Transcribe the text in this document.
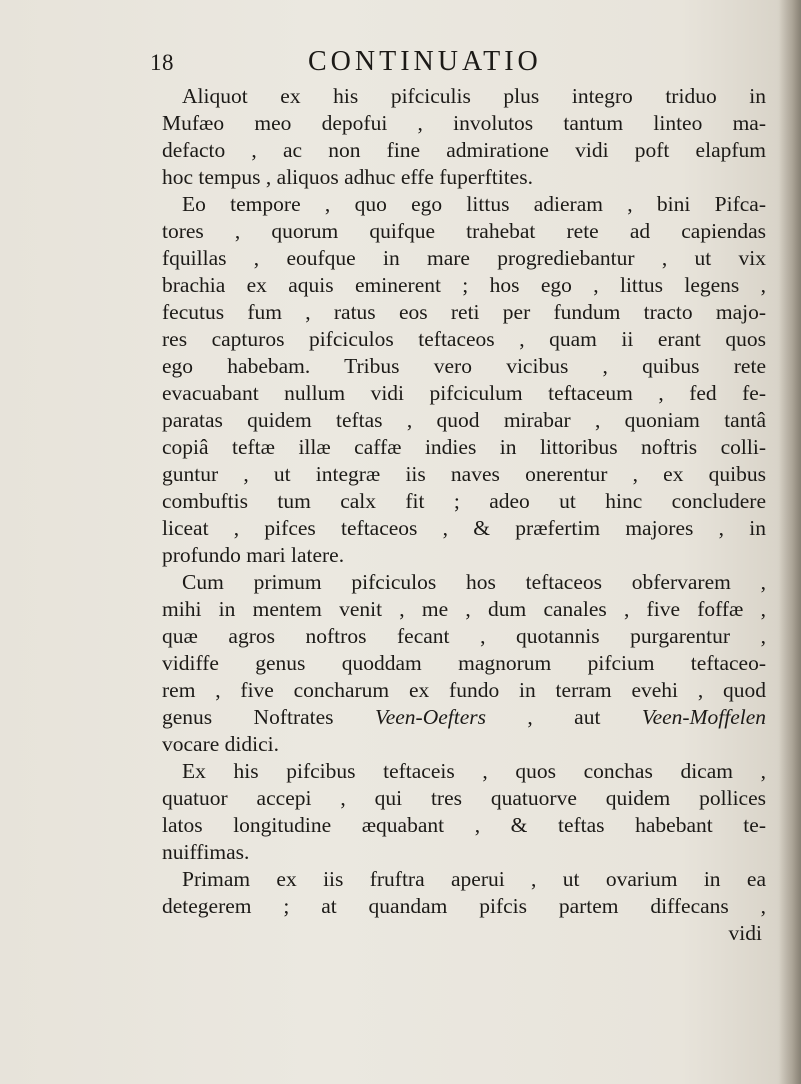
18	CONTINUATIO
Aliquot ex his pifciculis plus integro triduo in
Mufæo meo depofui , involutos tantum linteo ma-
defacto , ac non fine admiratione vidi poft elapfum
hoc tempus , aliquos adhuc effe fuperftites.
Eo tempore , quo ego littus adieram , bini Pifca-
tores , quorum quifque trahebat rete ad capiendas
fquillas , eoufque in mare progrediebantur , ut vix
brachia ex aquis eminerent ; hos ego , littus legens ,
fecutus fum , ratus eos reti per fundum tracto majo-
res capturos pifciculos teftaceos , quam ii erant quos
ego habebam. Tribus vero vicibus , quibus rete
evacuabant nullum vidi pifciculum teftaceum , fed fe-
paratas quidem teftas , quod mirabar , quoniam tantâ
copiâ teftæ illæ caffæ indies in littoribus noftris colli-
guntur , ut integræ iis naves onerentur , ex quibus
combuftis tum calx fit ; adeo ut hinc concludere
liceat , pifces teftaceos , & præfertim majores , in
profundo mari latere.
Cum primum pifciculos hos teftaceos obfervarem ,
mihi in mentem venit , me , dum canales , five foffæ ,
quæ agros noftros fecant , quotannis purgarentur ,
vidiffe genus quoddam magnorum pifcium teftaceo-
rem , five concharum ex fundo in terram evehi , quod
genus Noftrates Veen-Oefters , aut Veen-Moffelen
vocare didici.
Ex his pifcibus teftaceis , quos conchas dicam ,
quatuor accepi , qui tres quatuorve quidem pollices
latos longitudine æquabant , & teftas habebant te-
nuiffimas.
Primam ex iis fruftra aperui , ut ovarium in ea
detegerem ; at quandam pifcis partem diffecans ,
vidi
